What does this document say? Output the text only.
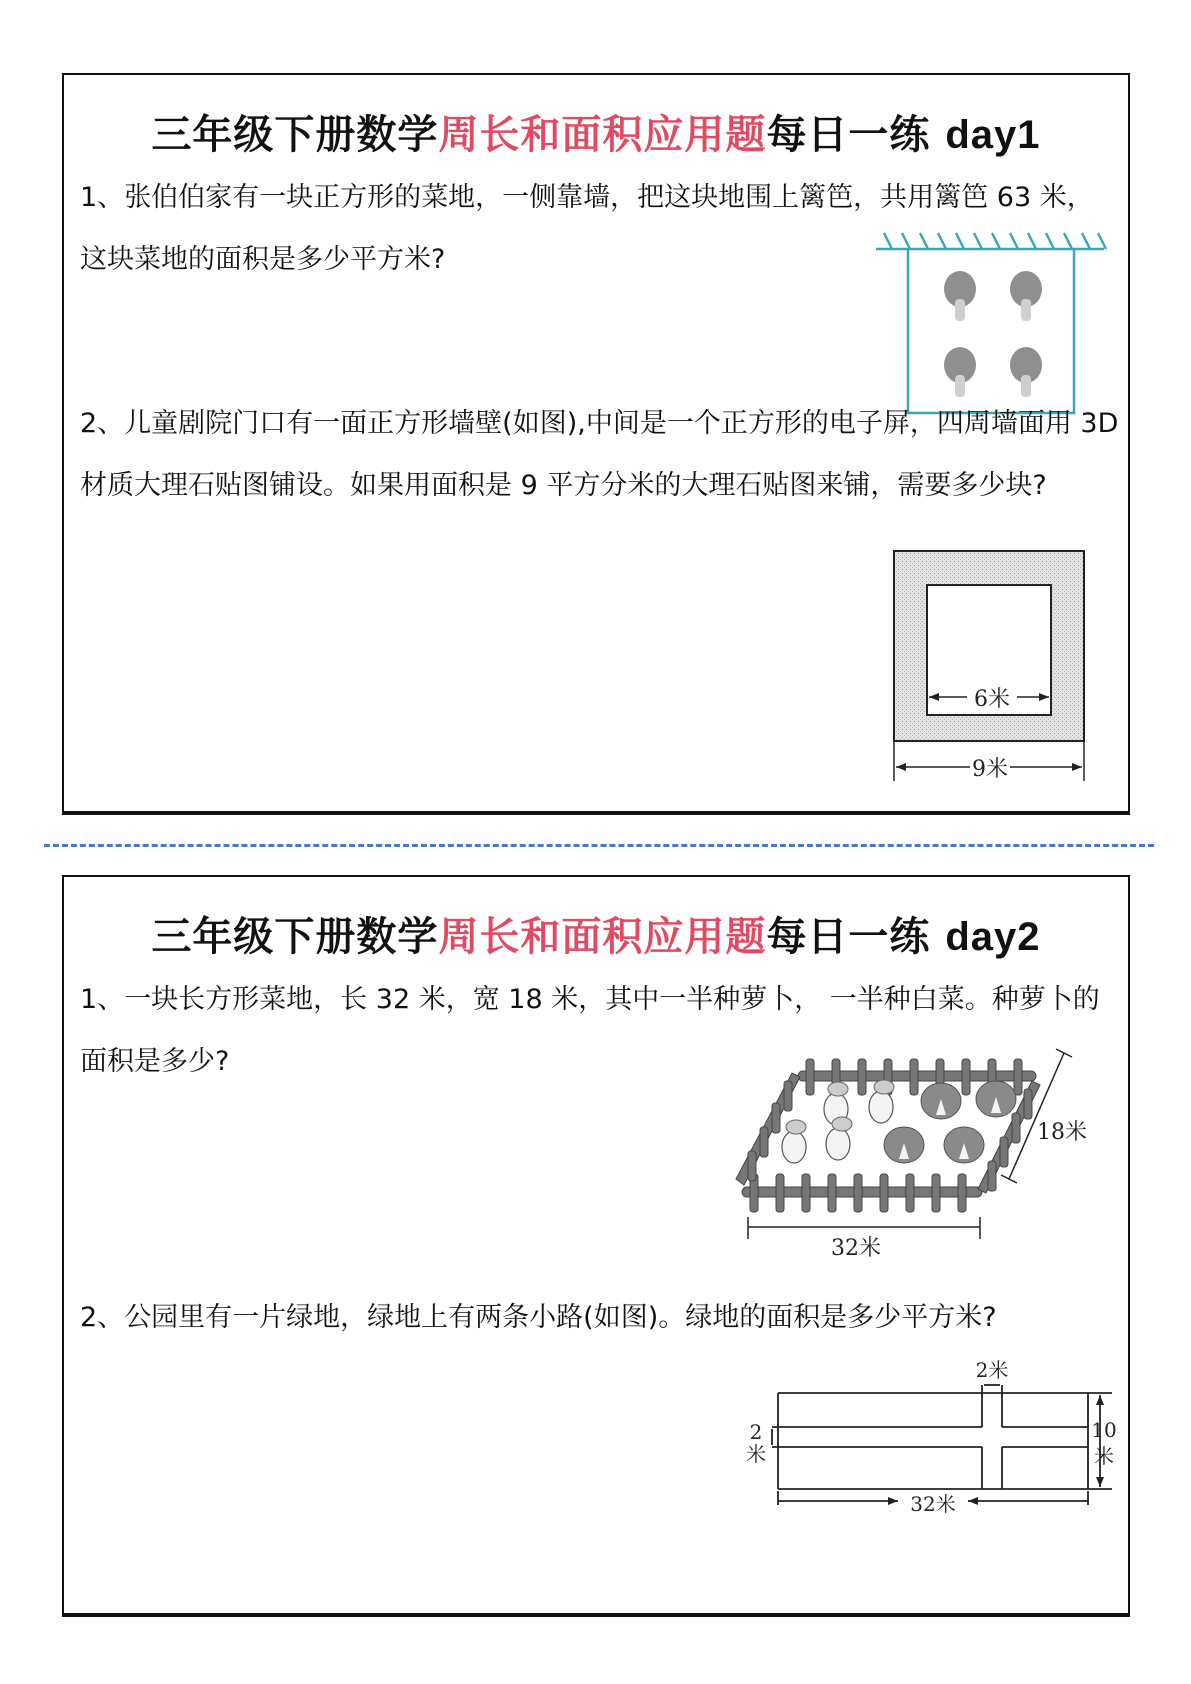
三年级下册数学周长和面积应用题每日一练 day1
1、张伯伯家有一块正方形的菜地，一侧靠墙，把这块地围上篱笆，共用篱笆 63 米，这块菜地的面积是多少平方米?
2、儿童剧院门口有一面正方形墙壁(如图),中间是一个正方形的电子屏，四周墙面用 3D 材质大理石贴图铺设。如果用面积是 9 平方分米的大理石贴图来铺，需要多少块?
6米
9米
三年级下册数学周长和面积应用题每日一练 day2
1、一块长方形菜地，长 32 米，宽 18 米，其中一半种萝卜， 一半种白菜。种萝卜的面积是多少?
32米
18米
2、公园里有一片绿地，绿地上有两条小路(如图)。绿地的面积是多少平方米?
2米
2
米
10
米
32米
